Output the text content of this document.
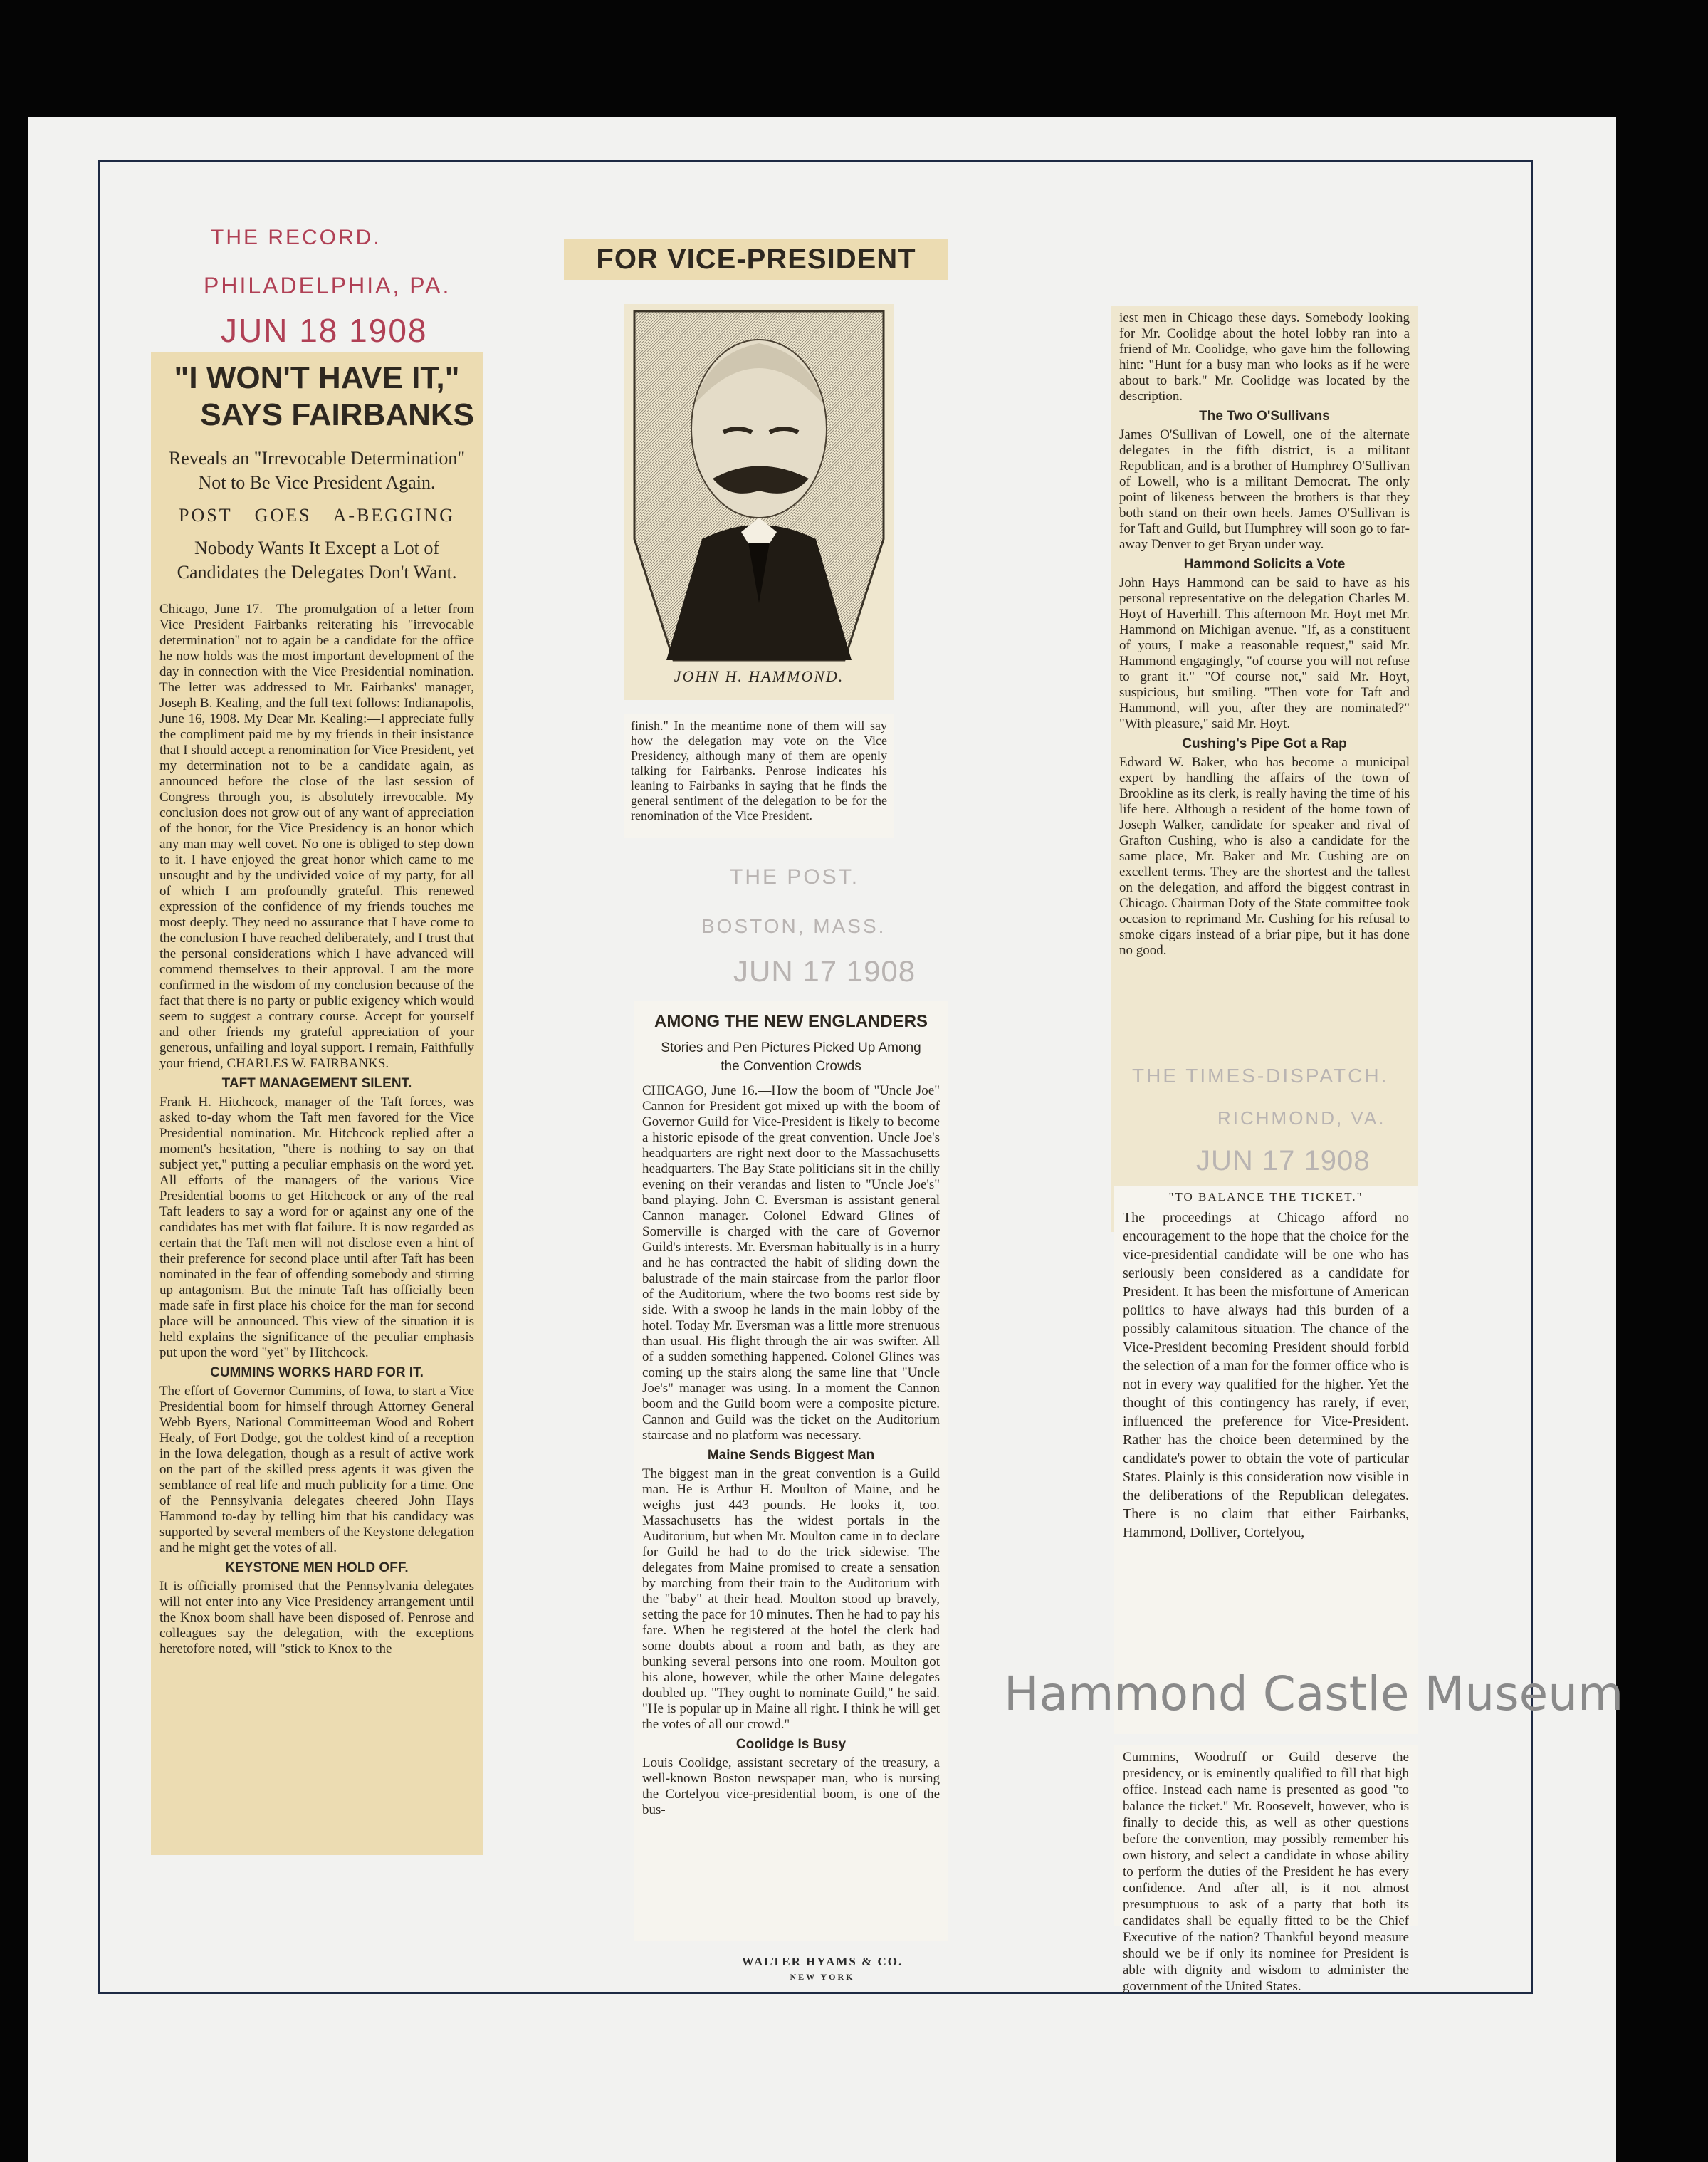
THE RECORD.
PHILADELPHIA, PA.
JUN 18 1908
"I WON'T HAVE IT,"
SAYS FAIRBANKS
Reveals an "Irrevocable Determination" Not to Be Vice President Again.
POST GOES A-BEGGING
Nobody Wants It Except a Lot of Candidates the Delegates Don't Want.

Chicago, June 17.—The promulgation of a letter from Vice President Fairbanks reiterating his "irrevocable determination" not to again be a candidate for the office he now holds was the most important development of the day in connection with the Vice Presidential nomination. The letter was addressed to Mr. Fairbanks' manager, Joseph B. Kealing, and the full text follows: Indianapolis, June 16, 1908. My Dear Mr. Kealing:—I appreciate fully the compliment paid me by my friends in their insistance that I should accept a renomination for Vice President, yet my determination not to be a candidate again, as announced before the close of the last session of Congress through you, is absolutely irrevocable. My conclusion does not grow out of any want of appreciation of the honor, for the Vice Presidency is an honor which any man may well covet. No one is obliged to step down to it. I have enjoyed the great honor which came to me unsought and by the undivided voice of my party, for all of which I am profoundly grateful. This renewed expression of the confidence of my friends touches me most deeply. They need no assurance that I have come to the conclusion I have reached deliberately, and I trust that the personal considerations which I have advanced will commend themselves to their approval. I am the more confirmed in the wisdom of my conclusion because of the fact that there is no party or public exigency which would seem to suggest a contrary course. Accept for yourself and other friends my grateful appreciation of your generous, unfailing and loyal support. I remain, Faithfully your friend, CHARLES W. FAIRBANKS.

TAFT MANAGEMENT SILENT.

Frank H. Hitchcock, manager of the Taft forces, was asked to-day whom the Taft men favored for the Vice Presidential nomination. Mr. Hitchcock replied after a moment's hesitation, "there is nothing to say on that subject yet," putting a peculiar emphasis on the word yet. All efforts of the managers of the various Vice Presidential booms to get Hitchcock or any of the real Taft leaders to say a word for or against any one of the candidates has met with flat failure. It is now regarded as certain that the Taft men will not disclose even a hint of their preference for second place until after Taft has been nominated in the fear of offending somebody and stirring up antagonism. But the minute Taft has officially been made safe in first place his choice for the man for second place will be announced. This view of the situation it is held explains the significance of the peculiar emphasis put upon the word "yet" by Hitchcock.

CUMMINS WORKS HARD FOR IT.

The effort of Governor Cummins, of Iowa, to start a Vice Presidential boom for himself through Attorney General Webb Byers, National Committeeman Wood and Robert Healy, of Fort Dodge, got the coldest kind of a reception in the Iowa delegation, though as a result of active work on the part of the skilled press agents it was given the semblance of real life and much publicity for a time. One of the Pennsylvania delegates cheered John Hays Hammond to-day by telling him that his candidacy was supported by several members of the Keystone delegation and he might get the votes of all.

KEYSTONE MEN HOLD OFF.

It is officially promised that the Pennsylvania delegates will not enter into any Vice Presidency arrangement until the Knox boom shall have been disposed of. Penrose and colleagues say the delegation, with the exceptions heretofore noted, will "stick to Knox to the

FOR VICE-PRESIDENT
JOHN H. HAMMOND.

finish." In the meantime none of them will say how the delegation may vote on the Vice Presidency, although many of them are openly talking for Fairbanks. Penrose indicates his leaning to Fairbanks in saying that he finds the general sentiment of the delegation to be for the renomination of the Vice President.

THE POST.
BOSTON, MASS.
JUN 17 1908
AMONG THE NEW ENGLANDERS
Stories and Pen Pictures Picked Up Among the Convention Crowds

CHICAGO, June 16.—How the boom of "Uncle Joe" Cannon for President got mixed up with the boom of Governor Guild for Vice-President is likely to become a historic episode of the great convention. Uncle Joe's headquarters are right next door to the Massachusetts headquarters. The Bay State politicians sit in the chilly evening on their verandas and listen to "Uncle Joe's" band playing. John C. Eversman is assistant general Cannon manager. Colonel Edward Glines of Somerville is charged with the care of Governor Guild's interests. Mr. Eversman habitually is in a hurry and he has contracted the habit of sliding down the balustrade of the main staircase from the parlor floor of the Auditorium, where the two booms rest side by side. With a swoop he lands in the main lobby of the hotel. Today Mr. Eversman was a little more strenuous than usual. His flight through the air was swifter. All of a sudden something happened. Colonel Glines was coming up the stairs along the same line that "Uncle Joe's" manager was using. In a moment the Cannon boom and the Guild boom were a composite picture. Cannon and Guild was the ticket on the Auditorium staircase and no platform was necessary.

Maine Sends Biggest Man

The biggest man in the great convention is a Guild man. He is Arthur H. Moulton of Maine, and he weighs just 443 pounds. He looks it, too. Massachusetts has the widest portals in the Auditorium, but when Mr. Moulton came in to declare for Guild he had to do the trick sidewise. The delegates from Maine promised to create a sensation by marching from their train to the Auditorium with the "baby" at their head. Moulton stood up bravely, setting the pace for 10 minutes. Then he had to pay his fare. When he registered at the hotel the clerk had some doubts about a room and bath, as they are bunking several persons into one room. Moulton got his alone, however, while the other Maine delegates doubled up. "They ought to nominate Guild," he said. "He is popular up in Maine all right. I think he will get the votes of all our crowd."

Coolidge Is Busy

Louis Coolidge, assistant secretary of the treasury, a well-known Boston newspaper man, who is nursing the Cortelyou vice-presidential boom, is one of the bus-

iest men in Chicago these days. Somebody looking for Mr. Coolidge about the hotel lobby ran into a friend of Mr. Coolidge, who gave him the following hint: "Hunt for a busy man who looks as if he were about to bark." Mr. Coolidge was located by the description.

The Two O'Sullivans

James O'Sullivan of Lowell, one of the alternate delegates in the fifth district, is a militant Republican, and is a brother of Humphrey O'Sullivan of Lowell, who is a militant Democrat. The only point of likeness between the brothers is that they both stand on their own heels. James O'Sullivan is for Taft and Guild, but Humphrey will soon go to far-away Denver to get Bryan under way.

Hammond Solicits a Vote

John Hays Hammond can be said to have as his personal representative on the delegation Charles M. Hoyt of Haverhill. This afternoon Mr. Hoyt met Mr. Hammond on Michigan avenue. "If, as a constituent of yours, I make a reasonable request," said Mr. Hammond engagingly, "of course you will not refuse to grant it." "Of course not," said Mr. Hoyt, suspicious, but smiling. "Then vote for Taft and Hammond, will you, after they are nominated?" "With pleasure," said Mr. Hoyt.

Cushing's Pipe Got a Rap

Edward W. Baker, who has become a municipal expert by handling the affairs of the town of Brookline as its clerk, is really having the time of his life here. Although a resident of the home town of Joseph Walker, candidate for speaker and rival of Grafton Cushing, who is also a candidate for the same place, Mr. Baker and Mr. Cushing are on excellent terms. They are the shortest and the tallest on the delegation, and afford the biggest contrast in Chicago. Chairman Doty of the State committee took occasion to reprimand Mr. Cushing for his refusal to smoke cigars instead of a briar pipe, but it has done no good.

THE TIMES-DISPATCH.
RICHMOND, VA.
JUN 17 1908
"TO BALANCE THE TICKET."

The proceedings at Chicago afford no encouragement to the hope that the choice for the vice-presidential candidate will be one who has seriously been considered as a candidate for President. It has been the misfortune of American politics to have always had this burden of a possibly calamitous situation. The chance of the Vice-President becoming President should forbid the selection of a man for the former office who is not in every way qualified for the higher. Yet the thought of this contingency has rarely, if ever, influenced the preference for Vice-President. Rather has the choice been determined by the candidate's power to obtain the vote of particular States. Plainly is this consideration now visible in the deliberations of the Republican delegates. There is no claim that either Fairbanks, Hammond, Dolliver, Cortelyou,

Cummins, Woodruff or Guild deserve the presidency, or is eminently qualified to fill that high office. Instead each name is presented as good "to balance the ticket." Mr. Roosevelt, however, who is finally to decide this, as well as other questions before the convention, may possibly remember his own history, and select a candidate in whose ability to perform the duties of the President he has every confidence. And after all, is it not almost presumptuous to ask of a party that both its candidates shall be equally fitted to be the Chief Executive of the nation? Thankful beyond measure should we be if only its nominee for President is able with dignity and wisdom to administer the government of the United States.

WALTER HYAMS & CO.
NEW YORK
Hammond Castle Museum
